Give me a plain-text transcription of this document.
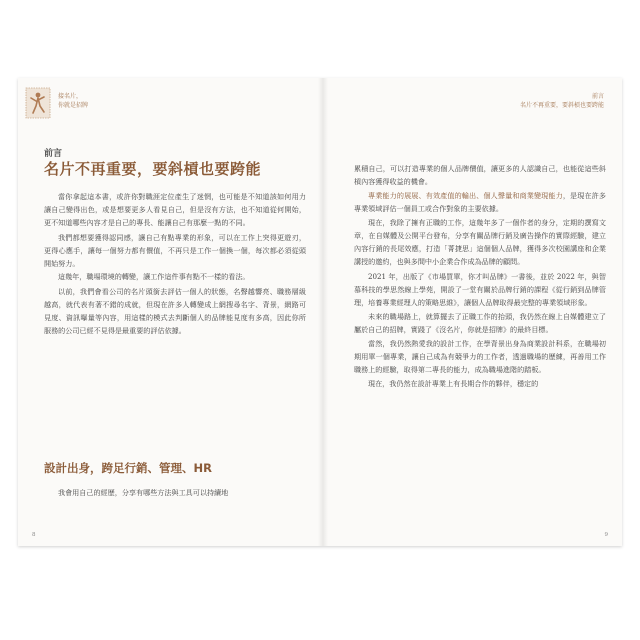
接名片，
你就是招牌
前言
名片不再重要，要斜槓也要跨能

當你拿起這本書，或許你對職涯定位產生了迷惘，也可能是不知道該如何用力讓自己變得出色，或是想要更多人看見自己，但是沒有方法，也不知道從何開始，更不知道哪些內容才是自己的專長、能讓自己有那麼一點的不同。

我們都想要獲得認同感，讓自己有點專業的形象，可以在工作上突得更遊刃，更得心應手，讓每一個努力都有價值，不再只是工作一個換一個，每次都必須從頭開始努力。

這幾年，職場環境的轉變，讓工作這件事有點不一樣的看法。

以前，我們會看公司的名片頭銜去評估一個人的狀態，名聲越響亮、職務層級越高，就代表有著不錯的成就，但現在許多人轉變成上網搜尋名字、背景，網路可見度、資訊曝量等內容，用這樣的模式去判斷個人的品牌能見度有多高，因此你所服務的公司已經不見得是最重要的評估依據。

設計出身，跨足行銷、管理、HR

我會用自己的經歷，分享有哪些方法與工具可以持續地

8
前言
名片不再重要，要斜槓也要跨能

累積自己，可以打造專業的個人品牌價值，讓更多的人認識自己，也能從這些斜槓內容獲得收益的機會。

專業能力的展展、有效產值的輸出、個人聲量和商業變現能力，是現在許多專業領域評估一個員工或合作對象的主要依據。

現在，我除了擁有正職的工作，這幾年多了一個作者的身分，定期的撰寫文章，在自媒體及公開平台發布，分享有關品牌行銷及廣告操作的實際經驗，建立內容行銷的長尾效應，打造「菁捷思」這個個人品牌，獲得多次校園講座和企業講授的邀約，也與多間中小企業合作成為品牌的顧問。

2021 年，出版了《市場買單，你才叫品牌》一書後，並於 2022 年，與智慕科技的學思然線上學苑，開設了一堂有關於品牌行銷的課程《從行銷到品牌管理，培養專業經理人的策略思維》，讓個人品牌取得最完整的專業領域形象。

未來的職場路上，就算擺去了正職工作的抬頭，我仍然在線上自媒體建立了屬於自己的招牌，實踐了《沒名片，你就是招牌》的最終目標。

當然，我仍然熱愛我的設計工作，在學背景出身為商業設計科系，在職場初期用單一個專業，讓自己成為有競爭力的工作者，透過職場的歷練，再善用工作職務上的經驗，取得第二專長的能力，成為職場進階的踏板。

現在，我仍然在設計專業上有長期合作的夥伴，穩定的

9
